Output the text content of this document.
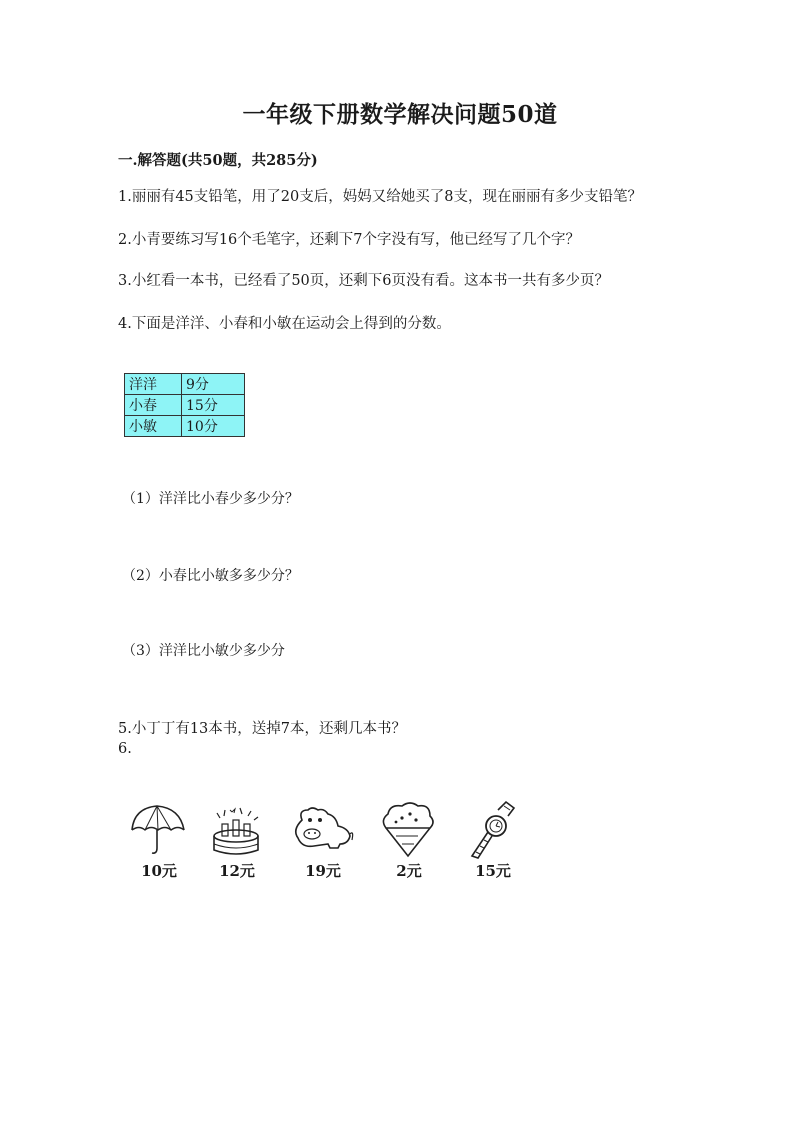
一年级下册数学解决问题50道
一.解答题(共50题，共285分)
1.丽丽有45支铅笔，用了20支后，妈妈又给她买了8支，现在丽丽有多少支铅笔？
2.小青要练习写16个毛笔字，还剩下7个字没有写，他已经写了几个字？
3.小红看一本书，已经看了50页，还剩下6页没有看。这本书一共有多少页？
4.下面是洋洋、小春和小敏在运动会上得到的分数。
洋洋	9分
小春	15分
小敏	10分
（1）洋洋比小春少多少分？
（2）小春比小敏多多少分？
（3）洋洋比小敏少多少分
5.小丁丁有13本书，送掉7本，还剩几本书？
6.
10元	12元	19元	2元	15元
